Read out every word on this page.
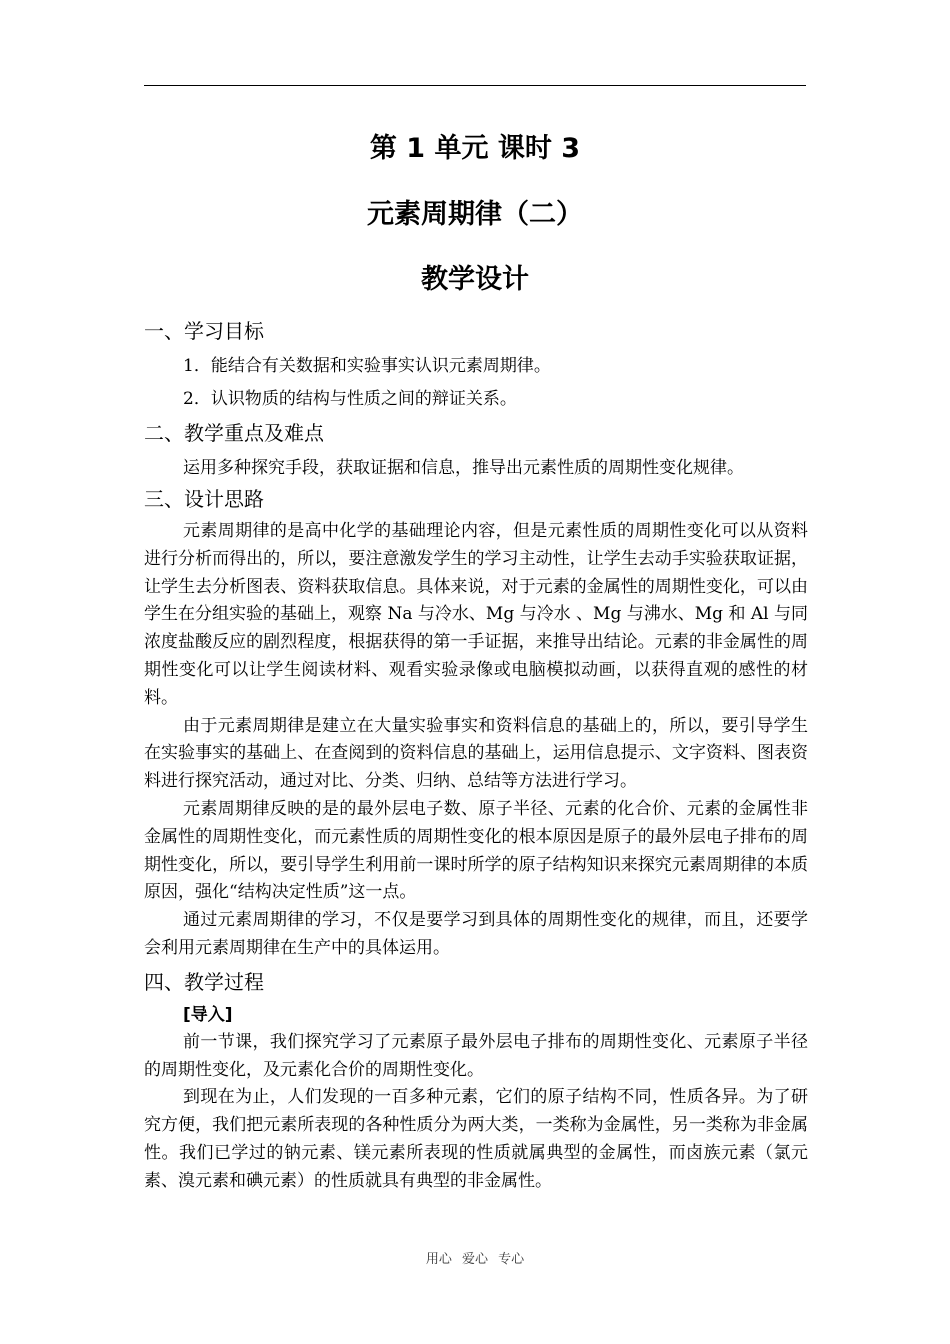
第 1 单元 课时 3
元素周期律（二）
教学设计
一、学习目标

1．能结合有关数据和实验事实认识元素周期律。

2．认识物质的结构与性质之间的辩证关系。

二、教学重点及难点

运用多种探究手段，获取证据和信息，推导出元素性质的周期性变化规律。

三、设计思路

元素周期律的是高中化学的基础理论内容，但是元素性质的周期性变化可以从资料进行分析而得出的，所以，要注意激发学生的学习主动性，让学生去动手实验获取证据，让学生去分析图表、资料获取信息。具体来说，对于元素的金属性的周期性变化，可以由学生在分组实验的基础上，观察 Na 与冷水、Mg 与冷水 、Mg 与沸水、Mg 和 Al 与同浓度盐酸反应的剧烈程度，根据获得的第一手证据，来推导出结论。元素的非金属性的周期性变化可以让学生阅读材料、观看实验录像或电脑模拟动画，以获得直观的感性的材料。

由于元素周期律是建立在大量实验事实和资料信息的基础上的，所以，要引导学生在实验事实的基础上、在查阅到的资料信息的基础上，运用信息提示、文字资料、图表资料进行探究活动，通过对比、分类、归纳、总结等方法进行学习。

元素周期律反映的是的最外层电子数、原子半径、元素的化合价、元素的金属性非金属性的周期性变化，而元素性质的周期性变化的根本原因是原子的最外层电子排布的周期性变化，所以，要引导学生利用前一课时所学的原子结构知识来探究元素周期律的本质原因，强化“结构决定性质”这一点。

通过元素周期律的学习，不仅是要学习到具体的周期性变化的规律，而且，还要学会利用元素周期律在生产中的具体运用。

四、教学过程

[导入]

前一节课，我们探究学习了元素原子最外层电子排布的周期性变化、元素原子半径的周期性变化，及元素化合价的周期性变化。

到现在为止，人们发现的一百多种元素，它们的原子结构不同，性质各异。为了研究方便，我们把元素所表现的各种性质分为两大类，一类称为金属性，另一类称为非金属性。我们已学过的钠元素、镁元素所表现的性质就属典型的金属性，而卤族元素（氯元素、溴元素和碘元素）的性质就具有典型的非金属性。

用心 爱心 专心
